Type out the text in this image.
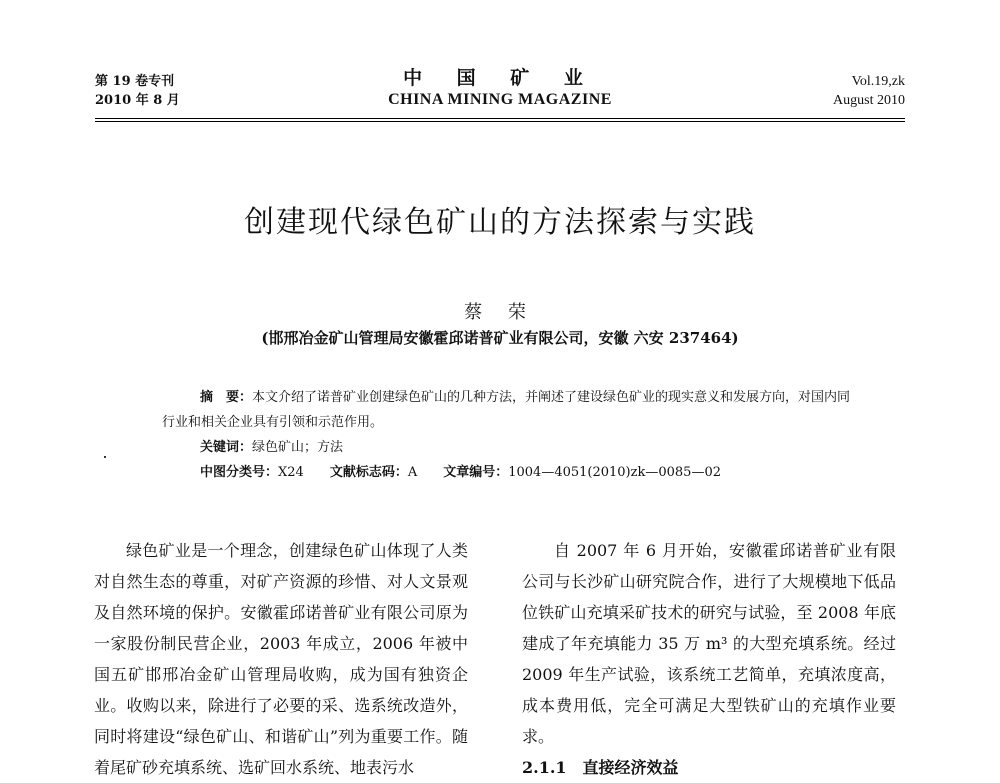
第 19 卷专刊
2010 年 8 月
中 国 矿 业
CHINA MINING MAGAZINE
Vol.19,zk
August 2010
创建现代绿色矿山的方法探索与实践
蔡 荣
(邯邢冶金矿山管理局安徽霍邱诺普矿业有限公司，安徽 六安 237464)
摘　要：本文介绍了诺普矿业创建绿色矿山的几种方法，并阐述了建设绿色矿业的现实意义和发展方向，对国内同行业和相关企业具有引领和示范作用。
关键词：绿色矿山；方法
中图分类号：X24 文献标志码：A 文章编号：1004—4051(2010)zk—0085—02

绿色矿业是一个理念，创建绿色矿山体现了人类对自然生态的尊重，对矿产资源的珍惜、对人文景观及自然环境的保护。安徽霍邱诺普矿业有限公司原为一家股份制民营企业，2003 年成立，2006 年被中国五矿邯邢冶金矿山管理局收购，成为国有独资企业。收购以来，除进行了必要的采、选系统改造外，同时将建设“绿色矿山、和谐矿山”列为重要工作。随着尾矿砂充填系统、选矿回水系统、地表污水

自 2007 年 6 月开始，安徽霍邱诺普矿业有限公司与长沙矿山研究院合作，进行了大规模地下低品位铁矿山充填采矿技术的研究与试验，至 2008 年底建成了年充填能力 35 万 m³ 的大型充填系统。经过 2009 年生产试验，该系统工艺简单，充填浓度高，成本费用低，完全可满足大型铁矿山的充填作业要求。

2.1.1 直接经济效益
